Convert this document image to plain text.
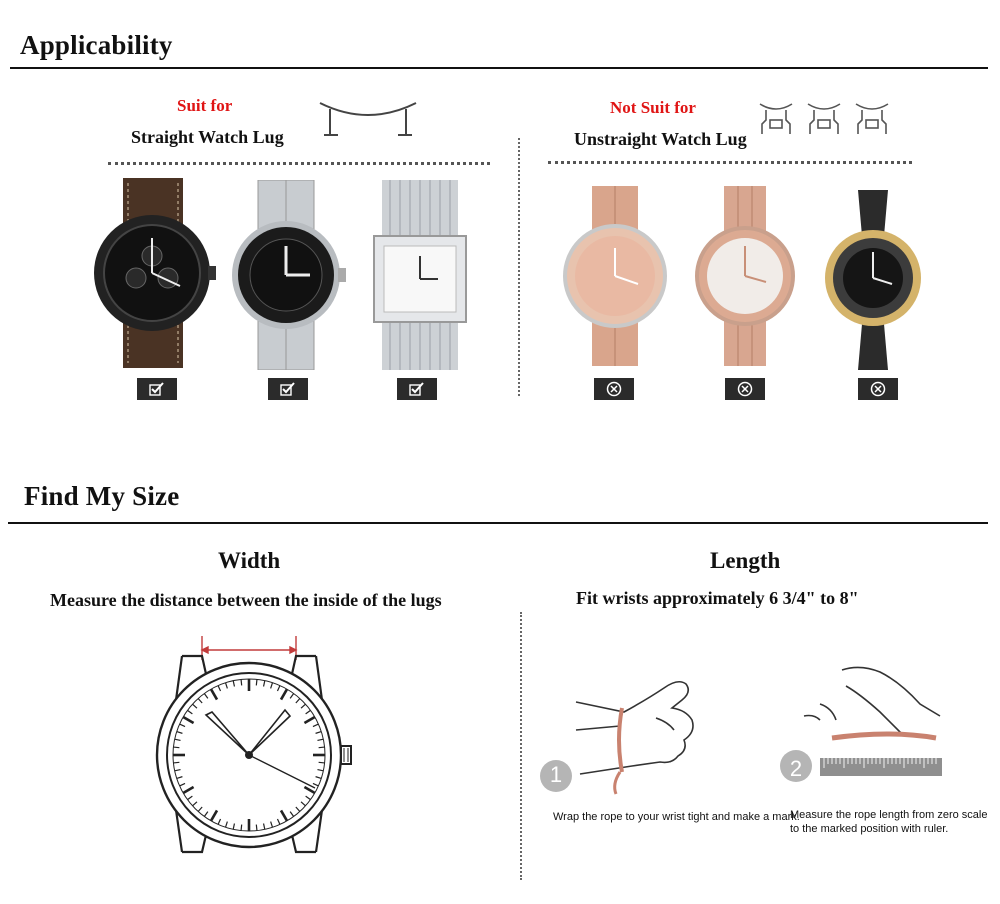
Applicability
Suit for
Straight Watch Lug
Not Suit for
Unstraight Watch Lug
Find My Size
Width
Measure the distance between the inside of the lugs
Length
Fit wrists approximately 6 3/4" to 8"
1
Wrap the rope to your wrist tight and make a mark.
2
Measure the rope length from zero scale
to the marked position with ruler.
